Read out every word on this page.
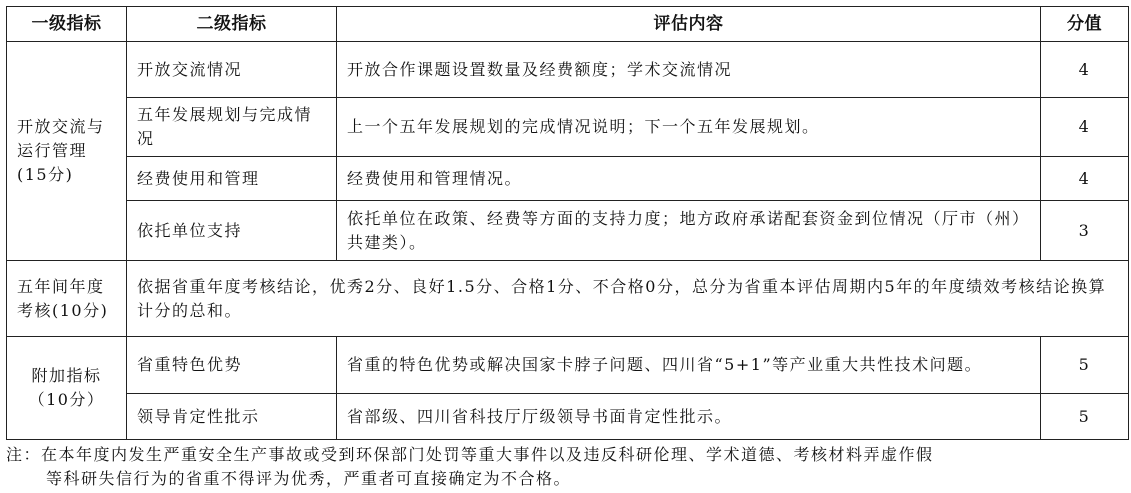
一级指标	二级指标	评估内容	分值
开放交流与运行管理(15分)	开放交流情况	开放合作课题设置数量及经费额度；学术交流情况	4
	五年发展规划与完成情况	上一个五年发展规划的完成情况说明；下一个五年发展规划。	4
	经费使用和管理	经费使用和管理情况。	4
	依托单位支持	依托单位在政策、经费等方面的支持力度；地方政府承诺配套资金到位情况（厅市（州）共建类）。	3
五年间年度考核(10分)	依据省重年度考核结论，优秀2分、良好1.5分、合格1分、不合格0分，总分为省重本评估周期内5年的年度绩效考核结论换算计分的总和。		
附加指标（10分）	省重特色优势	省重的特色优势或解决国家卡脖子问题、四川省“5+1”等产业重大共性技术问题。	5
	领导肯定性批示	省部级、四川省科技厅厅级领导书面肯定性批示。	5
注：在本年度内发生严重安全生产事故或受到环保部门处罚等重大事件以及违反科研伦理、学术道德、考核材料弄虚作假
等科研失信行为的省重不得评为优秀，严重者可直接确定为不合格。
